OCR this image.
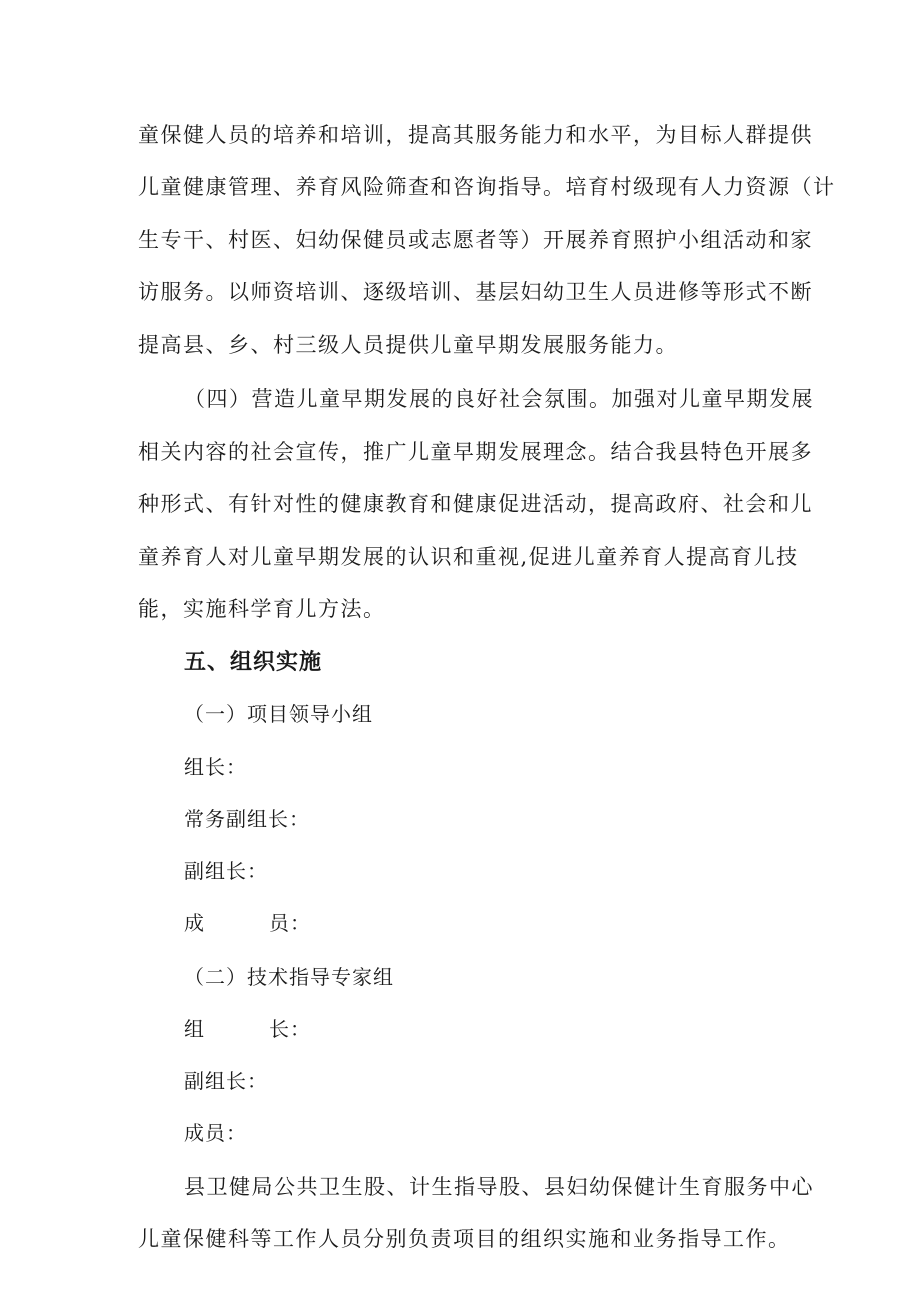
童保健人员的培养和培训，提高其服务能力和水平，为目标人群提供
儿童健康管理、养育风险筛查和咨询指导。培育村级现有人力资源（计
生专干、村医、妇幼保健员或志愿者等）开展养育照护小组活动和家
访服务。以师资培训、逐级培训、基层妇幼卫生人员进修等形式不断
提高县、乡、村三级人员提供儿童早期发展服务能力。
（四）营造儿童早期发展的良好社会氛围。加强对儿童早期发展
相关内容的社会宣传，推广儿童早期发展理念。结合我县特色开展多
种形式、有针对性的健康教育和健康促进活动，提高政府、社会和儿
童养育人对儿童早期发展的认识和重视,促进儿童养育人提高育儿技
能，实施科学育儿方法。
五、组织实施
（一）项目领导小组
组长：
常务副组长：
副组长：
成	员：
（二）技术指导专家组
组	长：
副组长：
成员：
县卫健局公共卫生股、计生指导股、县妇幼保健计生育服务中心
儿童保健科等工作人员分别负责项目的组织实施和业务指导工作。
